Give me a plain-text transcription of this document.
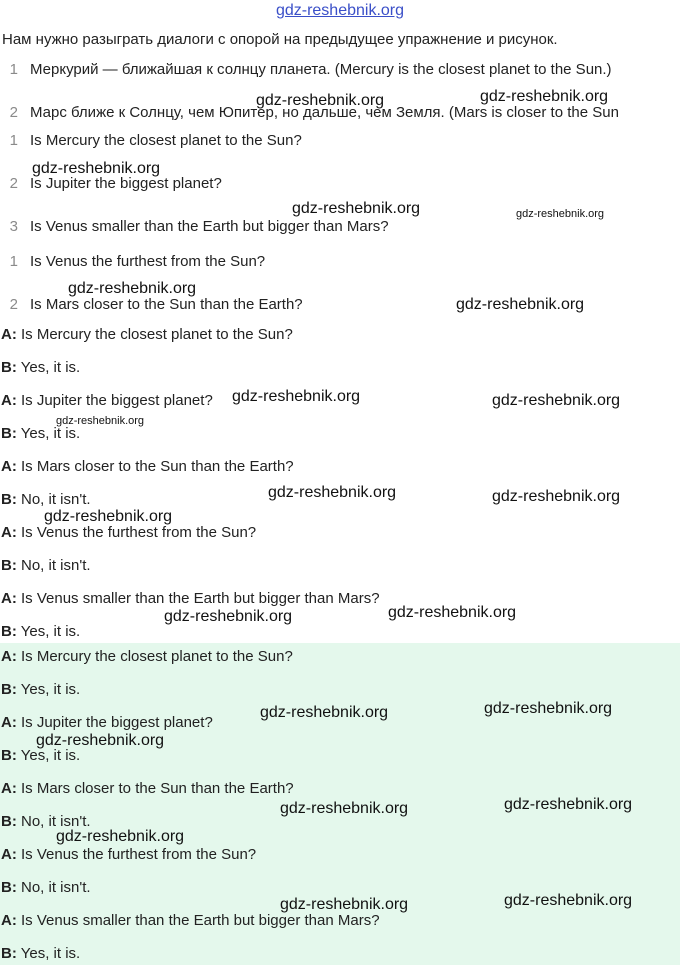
gdz-reshebnik.org
Нам нужно разыграть диалоги с опорой на предыдущее упражнение и рисунок.
1 Меркурий — ближайшая к солнцу планета. (Mercury is the closest planet to the Sun.)
2 Марс ближе к Солнцу, чем Юпитер, но дальше, чем Земля. (Mars is closer to the Sun
1 Is Mercury the closest planet to the Sun?
2 Is Jupiter the biggest planet?
3 Is Venus smaller than the Earth but bigger than Mars?
1 Is Venus the furthest from the Sun?
2 Is Mars closer to the Sun than the Earth?
A: Is Mercury the closest planet to the Sun?
B: Yes, it is.
A: Is Jupiter the biggest planet?
B: Yes, it is.
A: Is Mars closer to the Sun than the Earth?
B: No, it isn't.
A: Is Venus the furthest from the Sun?
B: No, it isn't.
A: Is Venus smaller than the Earth but bigger than Mars?
B: Yes, it is.
A: Is Mercury the closest planet to the Sun?
B: Yes, it is.
A: Is Jupiter the biggest planet?
B: Yes, it is.
A: Is Mars closer to the Sun than the Earth?
B: No, it isn't.
A: Is Venus the furthest from the Sun?
B: No, it isn't.
A: Is Venus smaller than the Earth but bigger than Mars?
B: Yes, it is.
gdz-reshebnik.org	gdz-reshebnik.org
gdz-reshebnik.org
gdz-reshebnik.org	gdz-reshebnik.org
gdz-reshebnik.org
gdz-reshebnik.org
gdz-reshebnik.org	gdz-reshebnik.org
gdz-reshebnik.org
gdz-reshebnik.org	gdz-reshebnik.org
gdz-reshebnik.org
gdz-reshebnik.org	gdz-reshebnik.org
gdz-reshebnik.org	gdz-reshebnik.org
gdz-reshebnik.org
gdz-reshebnik.org	gdz-reshebnik.org
gdz-reshebnik.org
gdz-reshebnik.org	gdz-reshebnik.org
